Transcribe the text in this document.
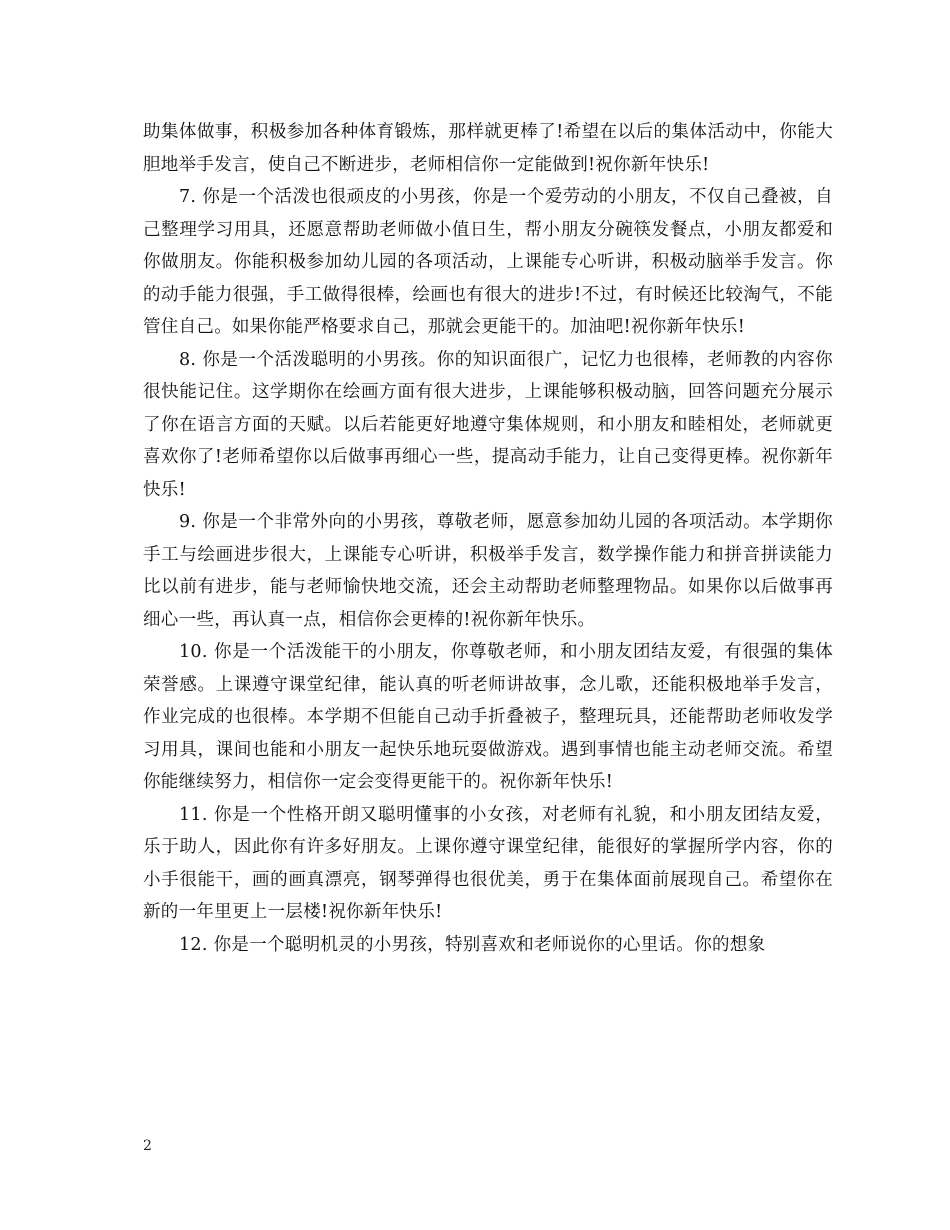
助集体做事，积极参加各种体育锻炼，那样就更棒了!希望在以后的集体活动中，你能大胆地举手发言，使自己不断进步，老师相信你一定能做到!祝你新年快乐!

7. 你是一个活泼也很顽皮的小男孩，你是一个爱劳动的小朋友，不仅自己叠被，自己整理学习用具，还愿意帮助老师做小值日生，帮小朋友分碗筷发餐点，小朋友都爱和你做朋友。你能积极参加幼儿园的各项活动，上课能专心听讲，积极动脑举手发言。你的动手能力很强，手工做得很棒，绘画也有很大的进步!不过，有时候还比较淘气，不能管住自己。如果你能严格要求自己，那就会更能干的。加油吧!祝你新年快乐!

8. 你是一个活泼聪明的小男孩。你的知识面很广，记忆力也很棒，老师教的内容你很快能记住。这学期你在绘画方面有很大进步，上课能够积极动脑，回答问题充分展示了你在语言方面的天赋。以后若能更好地遵守集体规则，和小朋友和睦相处，老师就更喜欢你了!老师希望你以后做事再细心一些，提高动手能力，让自己变得更棒。祝你新年快乐!

9. 你是一个非常外向的小男孩，尊敬老师，愿意参加幼儿园的各项活动。本学期你手工与绘画进步很大，上课能专心听讲，积极举手发言，数学操作能力和拼音拼读能力比以前有进步，能与老师愉快地交流，还会主动帮助老师整理物品。如果你以后做事再细心一些，再认真一点，相信你会更棒的!祝你新年快乐。

10. 你是一个活泼能干的小朋友，你尊敬老师，和小朋友团结友爱，有很强的集体荣誉感。上课遵守课堂纪律，能认真的听老师讲故事，念儿歌，还能积极地举手发言，作业完成的也很棒。本学期不但能自己动手折叠被子，整理玩具，还能帮助老师收发学习用具，课间也能和小朋友一起快乐地玩耍做游戏。遇到事情也能主动老师交流。希望你能继续努力，相信你一定会变得更能干的。祝你新年快乐!

11. 你是一个性格开朗又聪明懂事的小女孩，对老师有礼貌，和小朋友团结友爱，乐于助人，因此你有许多好朋友。上课你遵守课堂纪律，能很好的掌握所学内容，你的小手很能干，画的画真漂亮，钢琴弹得也很优美，勇于在集体面前展现自己。希望你在新的一年里更上一层楼!祝你新年快乐!

12. 你是一个聪明机灵的小男孩，特别喜欢和老师说你的心里话。你的想象

2
